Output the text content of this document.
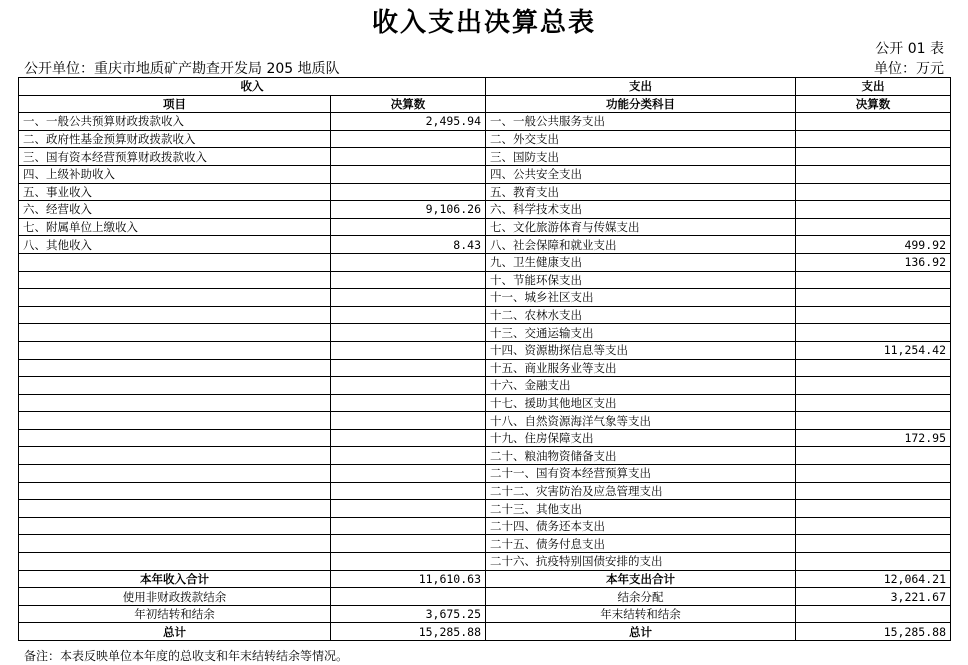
收入支出决算总表
公开 01 表
公开单位：重庆市地质矿产勘查开发局 205 地质队	单位：万元
收入		支出	支出
项目	决算数	功能分类科目	决算数
一、一般公共预算财政拨款收入	2,495.94	一、一般公共服务支出	
二、政府性基金预算财政拨款收入		二、外交支出	
三、国有资本经营预算财政拨款收入		三、国防支出	
四、上级补助收入		四、公共安全支出	
五、事业收入		五、教育支出	
六、经营收入	9,106.26	六、科学技术支出	
七、附属单位上缴收入		七、文化旅游体育与传媒支出	
八、其他收入	8.43	八、社会保障和就业支出	499.92
		九、卫生健康支出	136.92
		十、节能环保支出	
		十一、城乡社区支出	
		十二、农林水支出	
		十三、交通运输支出	
		十四、资源勘探信息等支出	11,254.42
		十五、商业服务业等支出	
		十六、金融支出	
		十七、援助其他地区支出	
		十八、自然资源海洋气象等支出	
		十九、住房保障支出	172.95
		二十、粮油物资储备支出	
		二十一、国有资本经营预算支出	
		二十二、灾害防治及应急管理支出	
		二十三、其他支出	
		二十四、债务还本支出	
		二十五、债务付息支出	
		二十六、抗疫特别国债安排的支出	
本年收入合计	11,610.63	本年支出合计	12,064.21
使用非财政拨款结余		结余分配	3,221.67
年初结转和结余	3,675.25	年末结转和结余	
总计	15,285.88	总计	15,285.88
备注：本表反映单位本年度的总收支和年末结转结余等情况。
